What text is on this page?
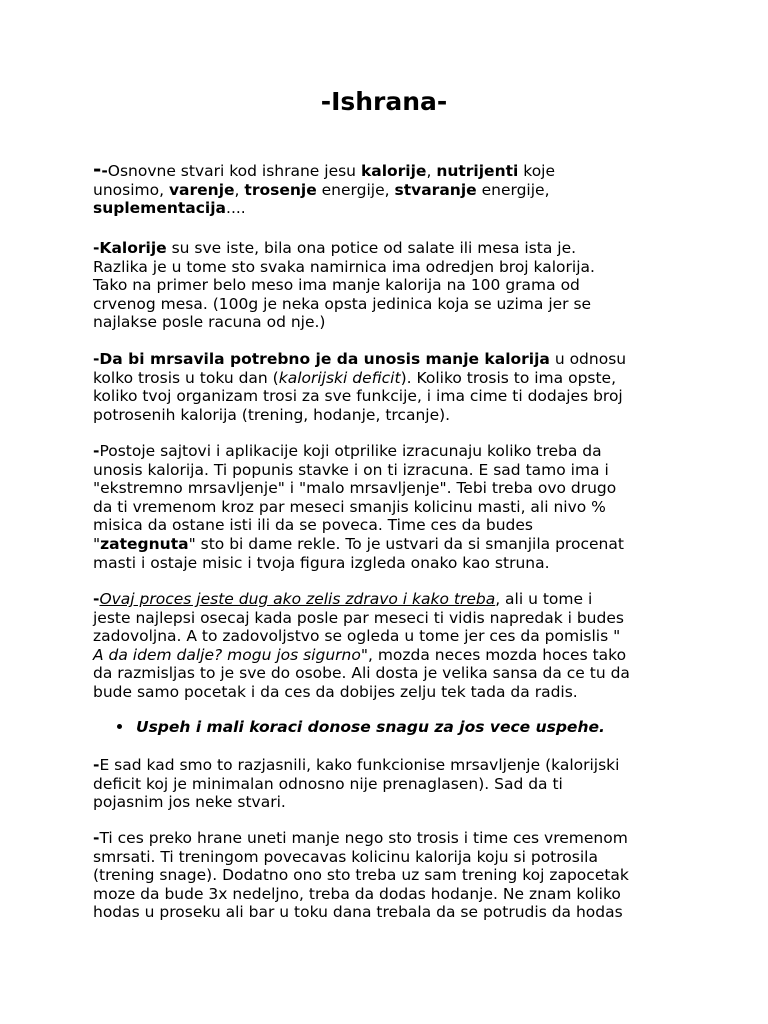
-Ishrana-
--Osnovne stvari kod ishrane jesu kalorije, nutrijenti koje
unosimo, varenje, trosenje energije, stvaranje energije,
suplementacija....
-Kalorije su sve iste, bila ona potice od salate ili mesa ista je.
Razlika je u tome sto svaka namirnica ima odredjen broj kalorija.
Tako na primer belo meso ima manje kalorija na 100 grama od
crvenog mesa. (100g je neka opsta jedinica koja se uzima jer se
najlakse posle racuna od nje.)
-Da bi mrsavila potrebno je da unosis manje kalorija u odnosu
kolko trosis u toku dan (kalorijski deficit). Koliko trosis to ima opste,
koliko tvoj organizam trosi za sve funkcije, i ima cime ti dodajes broj
potrosenih kalorija (trening, hodanje, trcanje).
-Postoje sajtovi i aplikacije koji otprilike izracunaju koliko treba da
unosis kalorija. Ti popunis stavke i on ti izracuna. E sad tamo ima i
"ekstremno mrsavljenje" i "malo mrsavljenje". Tebi treba ovo drugo
da ti vremenom kroz par meseci smanjis kolicinu masti, ali nivo %
misica da ostane isti ili da se poveca. Time ces da budes
"zategnuta" sto bi dame rekle. To je ustvari da si smanjila procenat
masti i ostaje misic i tvoja figura izgleda onako kao struna.
-Ovaj proces jeste dug ako zelis zdravo i kako treba, ali u tome i
jeste najlepsi osecaj kada posle par meseci ti vidis napredak i budes
zadovoljna. A to zadovoljstvo se ogleda u tome jer ces da pomislis "
A da idem dalje? mogu jos sigurno", mozda neces mozda hoces tako
da razmisljas to je sve do osobe. Ali dosta je velika sansa da ce tu da
bude samo pocetak i da ces da dobijes zelju tek tada da radis.
Uspeh i mali koraci donose snagu za jos vece uspehe.
-E sad kad smo to razjasnili, kako funkcionise mrsavljenje (kalorijski
deficit koj je minimalan odnosno nije prenaglasen). Sad da ti
pojasnim jos neke stvari.
-Ti ces preko hrane uneti manje nego sto trosis i time ces vremenom
smrsati. Ti treningom povecavas kolicinu kalorija koju si potrosila
(trening snage). Dodatno ono sto treba uz sam trening koj zapocetak
moze da bude 3x nedeljno, treba da dodas hodanje. Ne znam koliko
hodas u proseku ali bar u toku dana trebala da se potrudis da hodas
